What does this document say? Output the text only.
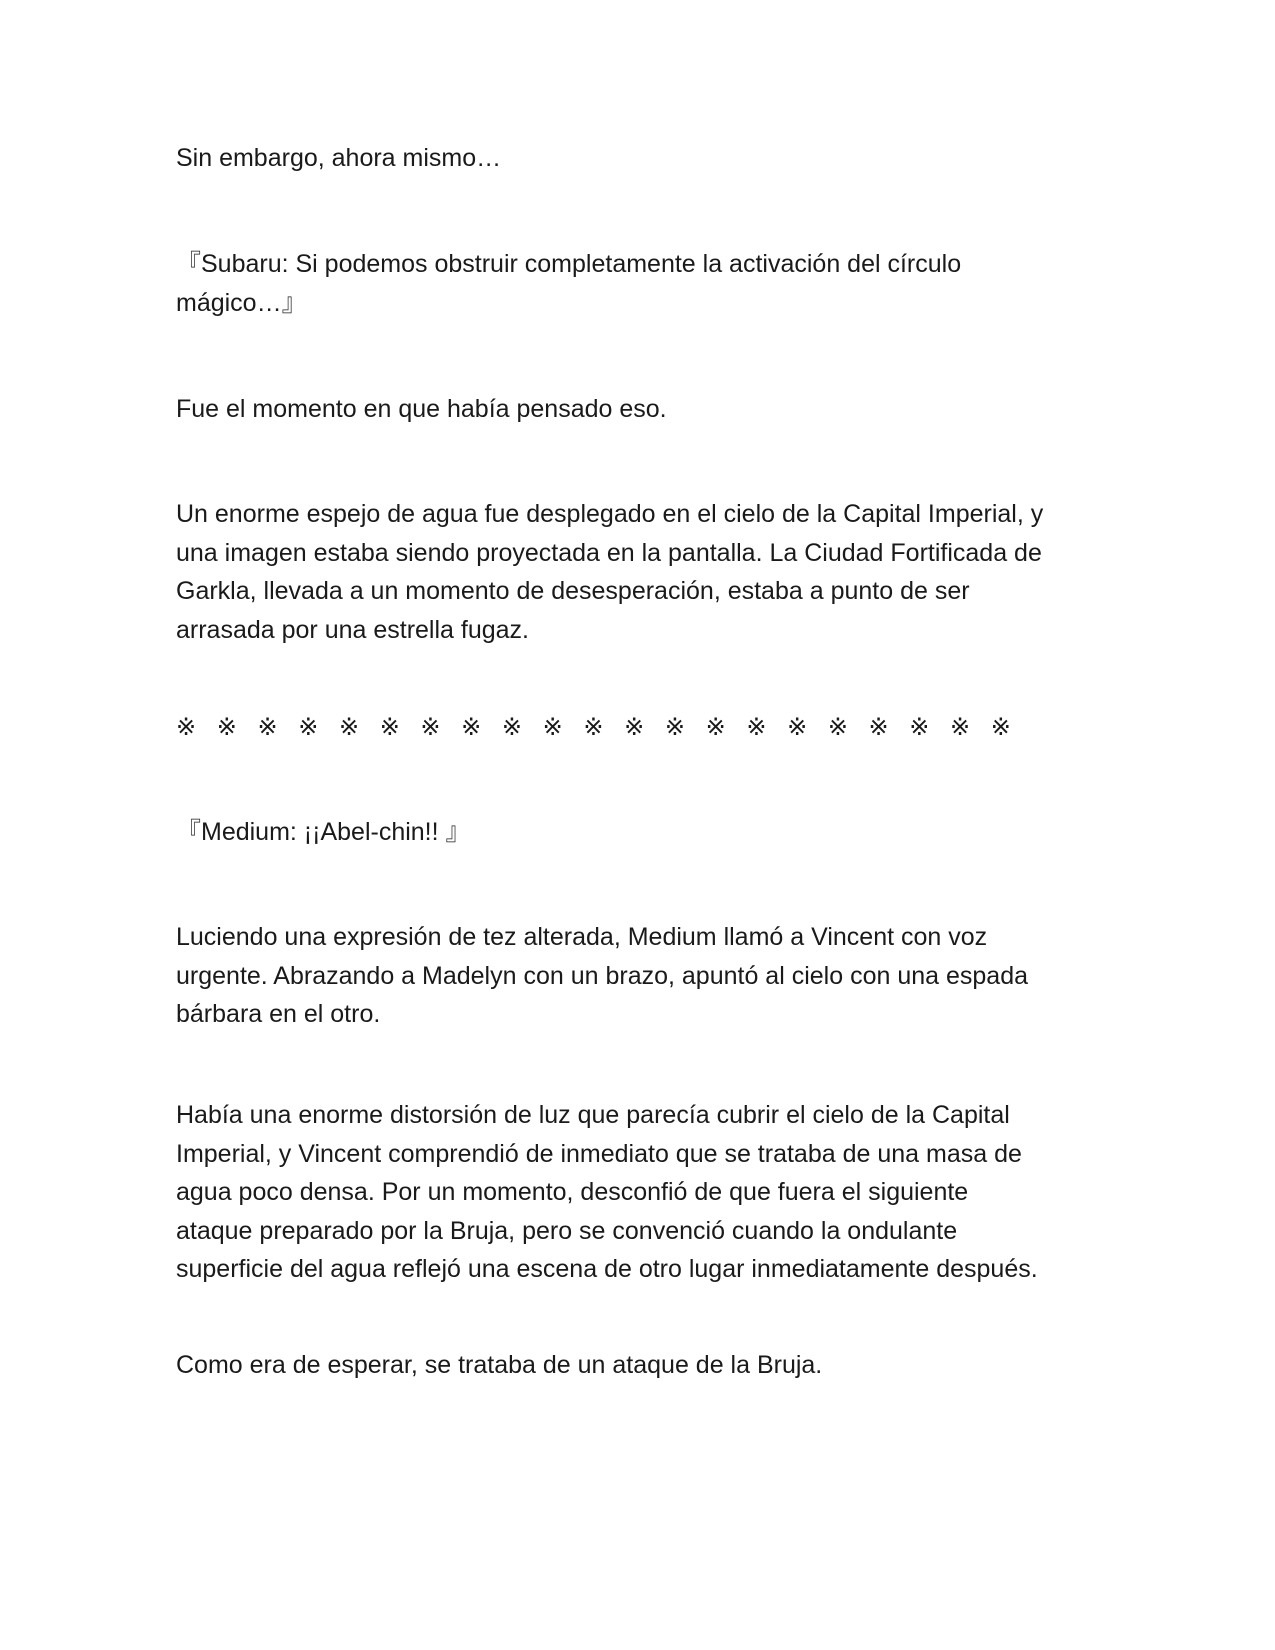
Sin embargo, ahora mismo…

『Subaru: Si podemos obstruir completamente la activación del círculo
mágico…』

Fue el momento en que había pensado eso.

Un enorme espejo de agua fue desplegado en el cielo de la Capital Imperial, y
una imagen estaba siendo proyectada en la pantalla. La Ciudad Fortificada de
Garkla, llevada a un momento de desesperación, estaba a punto de ser
arrasada por una estrella fugaz.

※ ※ ※ ※ ※ ※ ※ ※ ※ ※ ※ ※ ※ ※ ※ ※ ※ ※ ※ ※ ※

『Medium: ¡¡Abel-chin!! 』

Luciendo una expresión de tez alterada, Medium llamó a Vincent con voz
urgente. Abrazando a Madelyn con un brazo, apuntó al cielo con una espada
bárbara en el otro.

Había una enorme distorsión de luz que parecía cubrir el cielo de la Capital
Imperial, y Vincent comprendió de inmediato que se trataba de una masa de
agua poco densa. Por un momento, desconfió de que fuera el siguiente
ataque preparado por la Bruja, pero se convenció cuando la ondulante
superficie del agua reflejó una escena de otro lugar inmediatamente después.

Como era de esperar, se trataba de un ataque de la Bruja.
